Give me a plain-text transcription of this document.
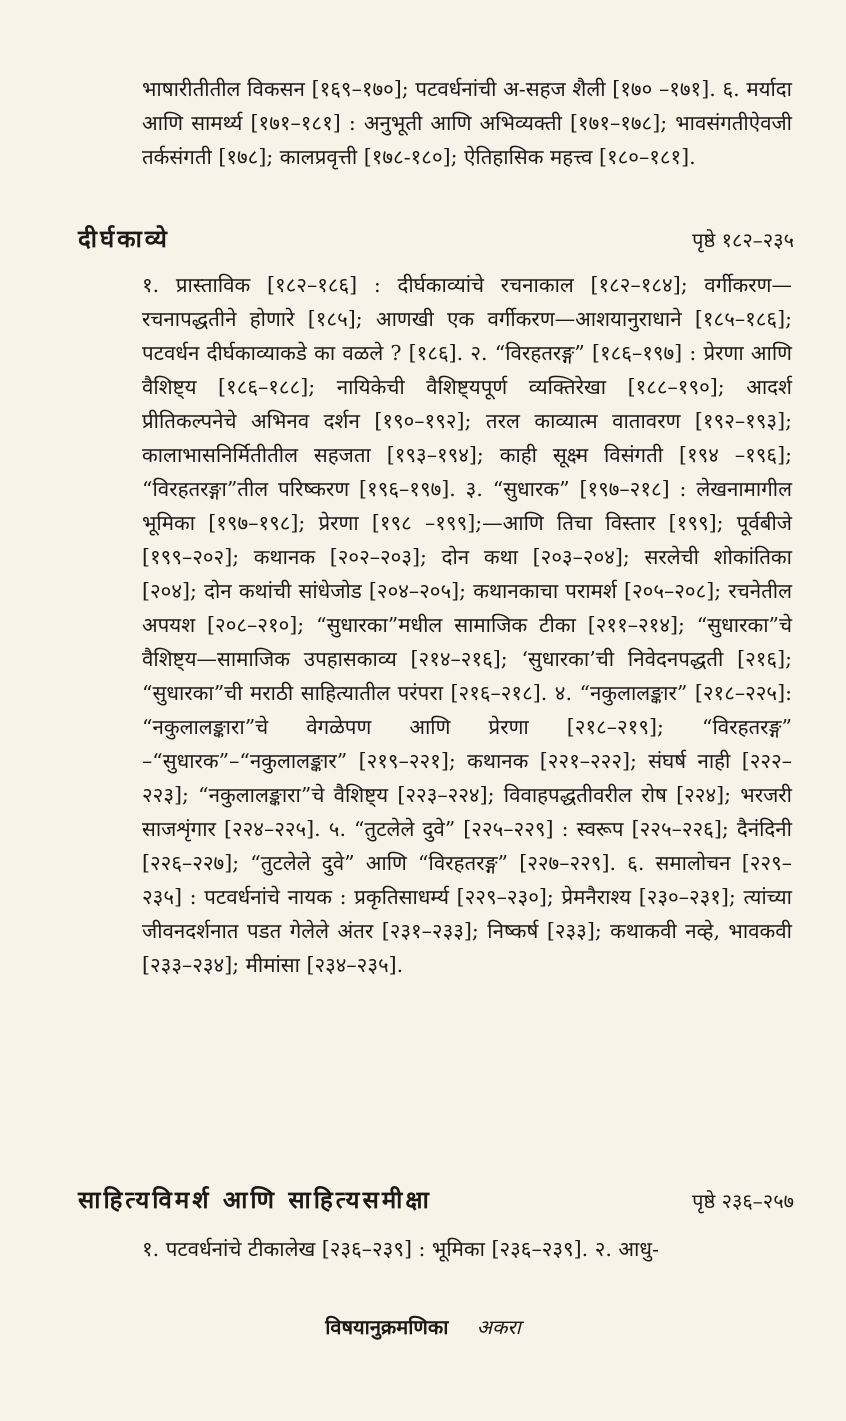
भाषारीतीतील विकसन [१६९–१७०]; पटवर्धनांची अ-सहज शैली [१७० –१७१]. ६. मर्यादा आणि सामर्थ्य [१७१–१८१] : अनुभूती आणि अभिव्यक्ती [१७१–१७८]; भावसंगतीऐवजी तर्कसंगती [१७८]; कालप्रवृत्ती [१७८-१८०]; ऐतिहासिक महत्त्व [१८०–१८१].
दीर्घकाव्ये	पृष्ठे १८२–२३५
१. प्रास्ताविक [१८२–१८६] : दीर्घकाव्यांचे रचनाकाल [१८२–१८४]; वर्गीकरण—रचनापद्धतीने होणारे [१८५]; आणखी एक वर्गीकरण—आशयानुराधाने [१८५–१८६]; पटवर्धन दीर्घकाव्याकडे का वळले ? [१८६]. २. “विरहतरङ्ग” [१८६–१९७] : प्रेरणा आणि वैशिष्ट्य [१८६–१८८]; नायिकेची वैशिष्ट्यपूर्ण व्यक्तिरेखा [१८८–१९०]; आदर्श प्रीतिकल्पनेचे अभिनव दर्शन [१९०–१९२]; तरल काव्यात्म वातावरण [१९२–१९३]; कालाभासनिर्मितीतील सहजता [१९३–१९४]; काही सूक्ष्म विसंगती [१९४ –१९६]; “विरहतरङ्गा”तील परिष्करण [१९६–१९७]. ३. “सुधारक” [१९७–२१८] : लेखनामागील भूमिका [१९७–१९८]; प्रेरणा [१९८ –१९९];—आणि तिचा विस्तार [१९९]; पूर्वबीजे [१९९–२०२]; कथानक [२०२–२०३]; दोन कथा [२०३–२०४]; सरलेची शोकांतिका [२०४]; दोन कथांची सांधेजोड [२०४–२०५]; कथानकाचा परामर्श [२०५–२०८]; रचनेतील अपयश [२०८–२१०]; “सुधारका”मधील सामाजिक टीका [२११–२१४]; “सुधारका”चे वैशिष्ट्य—सामाजिक उपहासकाव्य [२१४–२१६]; ‘सुधारका’ची निवेदनपद्धती [२१६]; “सुधारका”ची मराठी साहित्यातील परंपरा [२१६–२१८]. ४. “नकुलालङ्कार” [२१८–२२५]: “नकुलालङ्कारा”चे वेगळेपण आणि प्रेरणा [२१८–२१९]; “विरहतरङ्ग” –“सुधारक”–“नकुलालङ्कार” [२१९–२२१]; कथानक [२२१–२२२]; संघर्ष नाही [२२२–२२३]; “नकुलालङ्कारा”चे वैशिष्ट्य [२२३–२२४]; विवाहपद्धतीवरील रोष [२२४]; भरजरी साजशृंगार [२२४–२२५]. ५. “तुटलेले दुवे” [२२५–२२९] : स्वरूप [२२५–२२६]; दैनंदिनी [२२६–२२७]; “तुटलेले दुवे” आणि “विरहतरङ्ग” [२२७–२२९]. ६. समालोचन [२२९–२३५] : पटवर्धनांचे नायक : प्रकृतिसाधर्म्य [२२९–२३०]; प्रेमनैराश्य [२३०–२३१]; त्यांच्या जीवनदर्शनात पडत गेलेले अंतर [२३१–२३३]; निष्कर्ष [२३३]; कथाकवी नव्हे, भावकवी [२३३–२३४]; मीमांसा [२३४–२३५].
साहित्यविमर्श आणि साहित्यसमीक्षा	पृष्ठे २३६–२५७
१. पटवर्धनांचे टीकालेख [२३६–२३९] : भूमिका [२३६–२३९]. २. आधु-
विषयानुक्रमणिका अकरा
